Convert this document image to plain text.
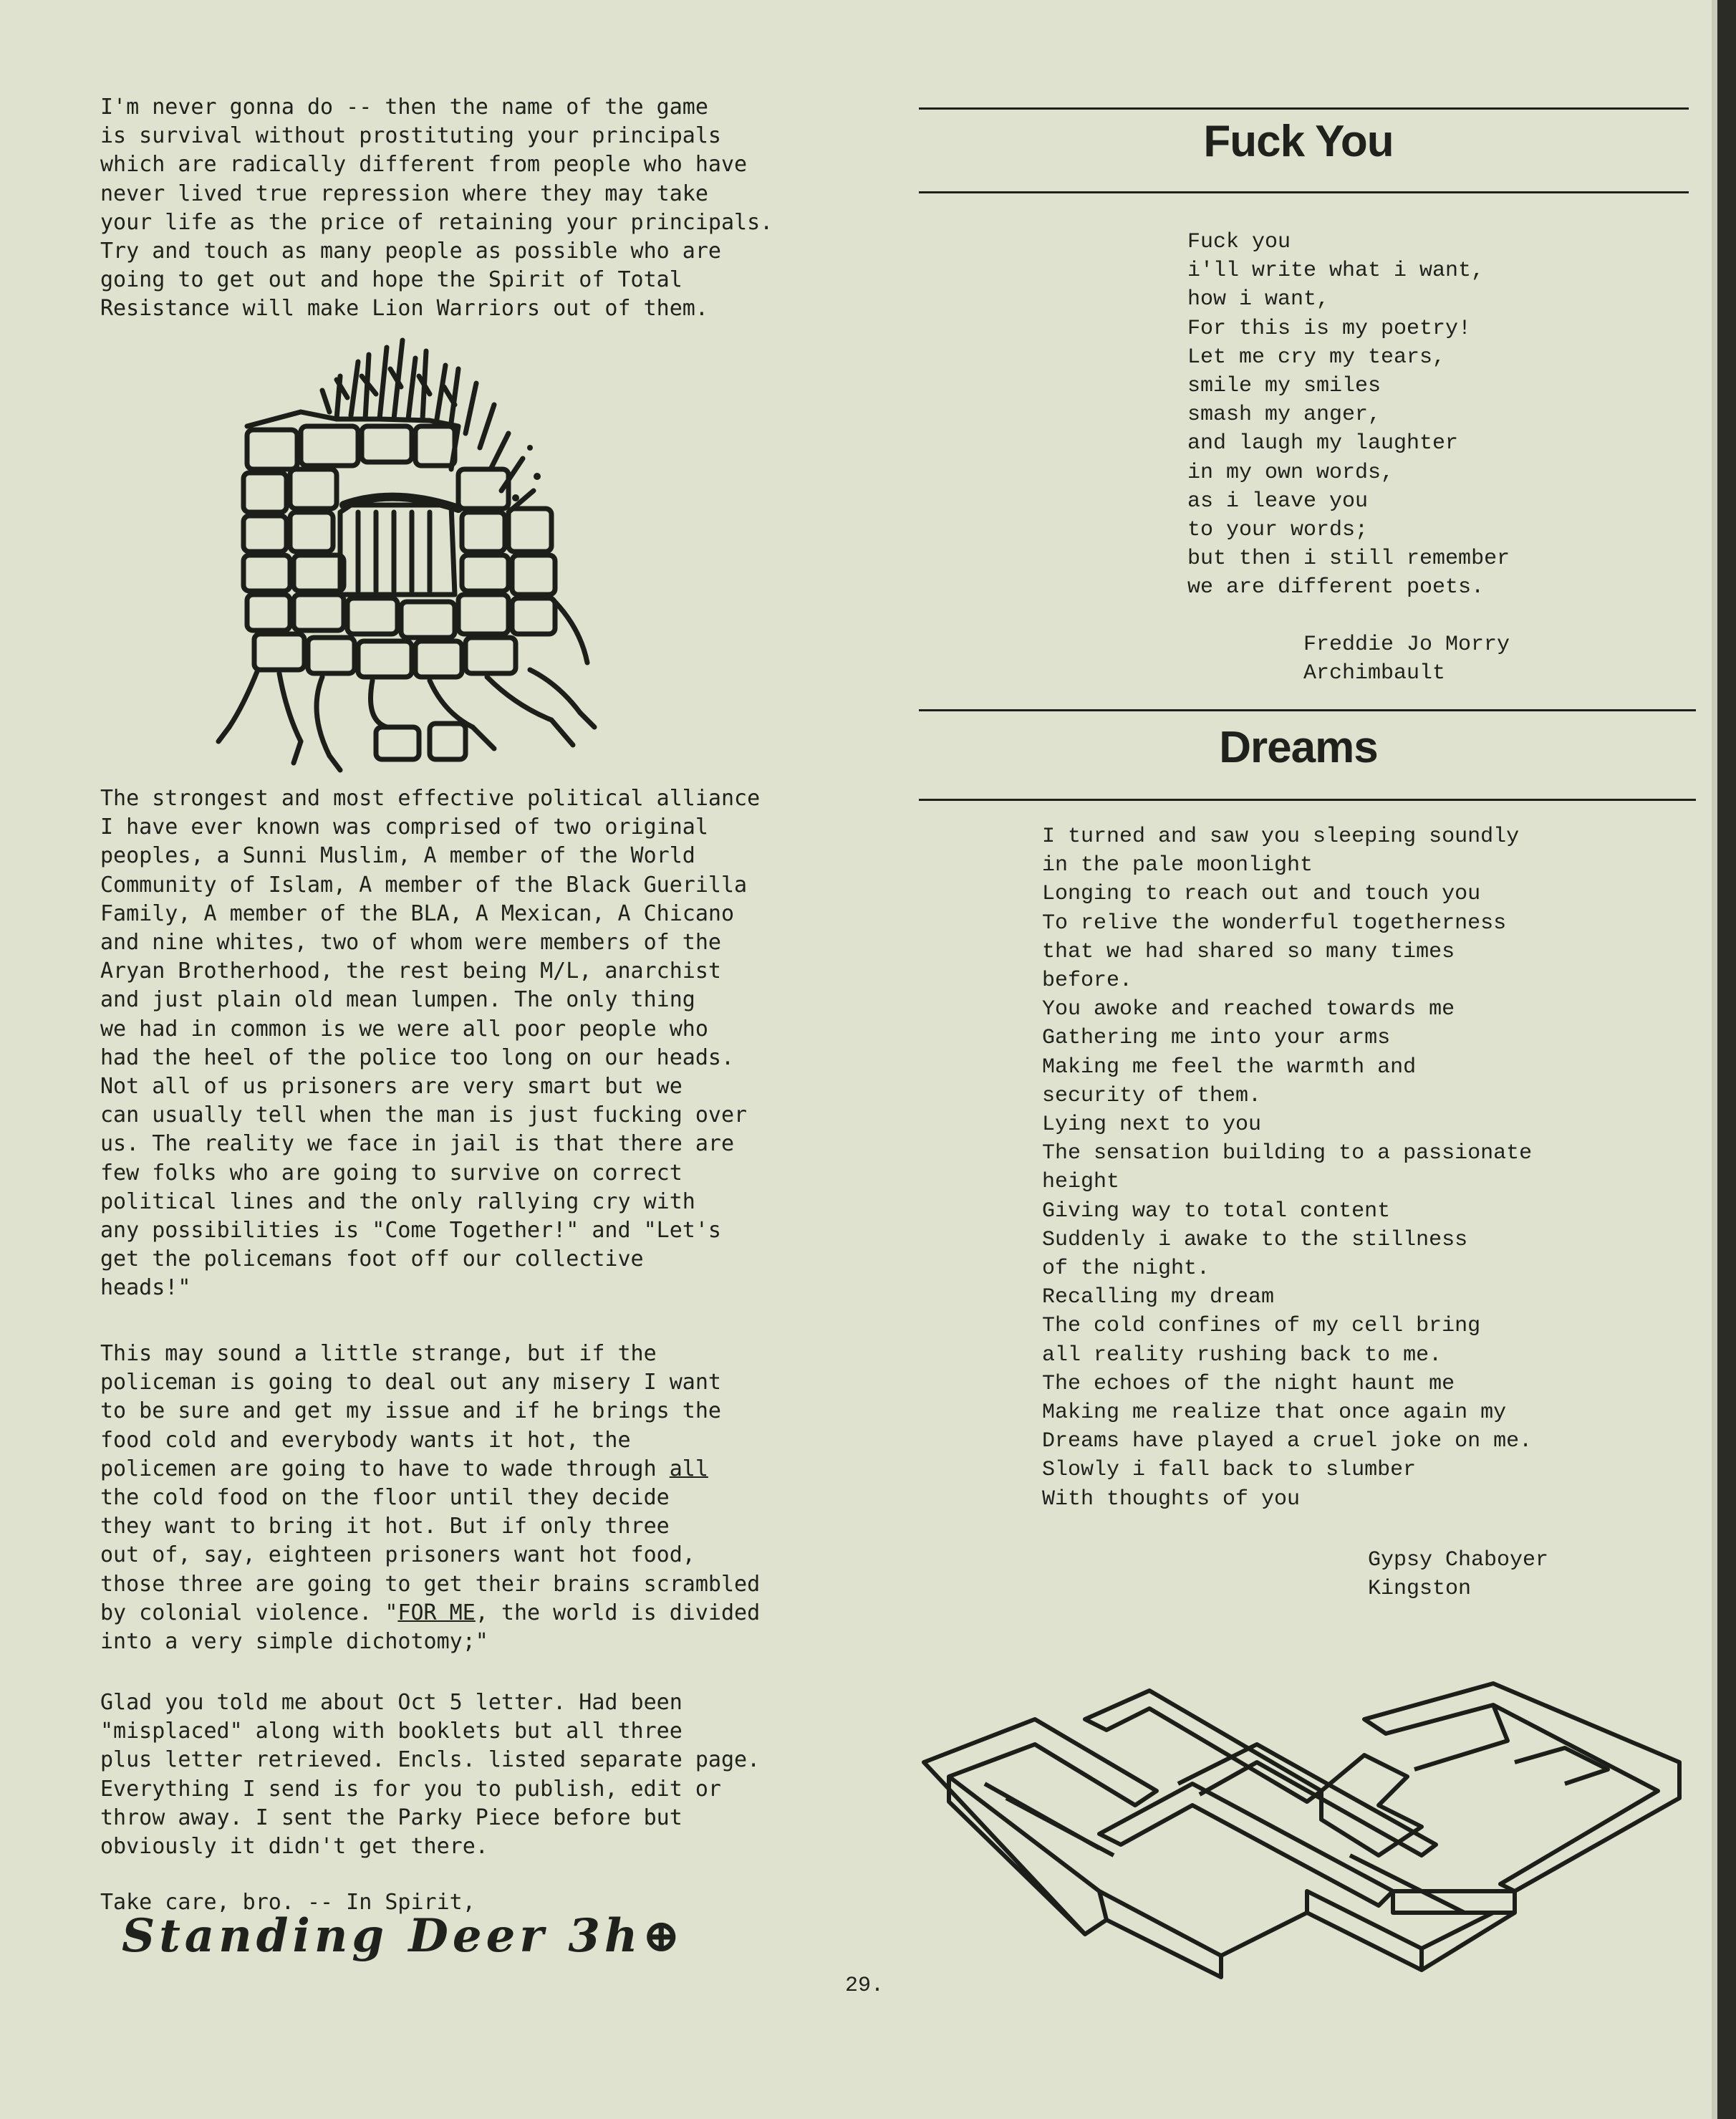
I'm never gonna do -- then the name of the game
is survival without prostituting your principals
which are radically different from people who have
never lived true repression where they may take
your life as the price of retaining your principals.
Try and touch as many people as possible who are
going to get out and hope the Spirit of Total
Resistance will make Lion Warriors out of them.
The strongest and most effective political alliance
I have ever known was comprised of two original
peoples, a Sunni Muslim, A member of the World
Community of Islam, A member of the Black Guerilla
Family, A member of the BLA, A Mexican, A Chicano
and nine whites, two of whom were members of the
Aryan Brotherhood, the rest being M/L, anarchist
and just plain old mean lumpen. The only thing
we had in common is we were all poor people who
had the heel of the police too long on our heads.
Not all of us prisoners are very smart but we
can usually tell when the man is just fucking over
us. The reality we face in jail is that there are
few folks who are going to survive on correct
political lines and the only rallying cry with
any possibilities is "Come Together!" and "Let's
get the policemans foot off our collective
heads!"
This may sound a little strange, but if the
policeman is going to deal out any misery I want
to be sure and get my issue and if he brings the
food cold and everybody wants it hot, the
policemen are going to have to wade through all
the cold food on the floor until they decide
they want to bring it hot. But if only three
out of, say, eighteen prisoners want hot food,
those three are going to get their brains scrambled
by colonial violence. "FOR ME, the world is divided
into a very simple dichotomy;"
Glad you told me about Oct 5 letter. Had been
"misplaced" along with booklets but all three
plus letter retrieved. Encls. listed separate page.
Everything I send is for you to publish, edit or
throw away. I sent the Parky Piece before but
obviously it didn't get there.
Take care, bro. -- In Spirit,
Standing Deer 3h⊕
29.
Fuck You
Fuck you
i'll write what i want,
how i want,
For this is my poetry!
Let me cry my tears,
smile my smiles
smash my anger,
and laugh my laughter
in my own words,
as i leave you
to your words;
but then i still remember
we are different poets.
Freddie Jo Morry
Archimbault
Dreams
I turned and saw you sleeping soundly
in the pale moonlight
Longing to reach out and touch you
To relive the wonderful togetherness
that we had shared so many times
before.
You awoke and reached towards me
Gathering me into your arms
Making me feel the warmth and
security of them.
Lying next to you
The sensation building to a passionate
height
Giving way to total content
Suddenly i awake to the stillness
of the night.
Recalling my dream
The cold confines of my cell bring
all reality rushing back to me.
The echoes of the night haunt me
Making me realize that once again my
Dreams have played a cruel joke on me.
Slowly i fall back to slumber
With thoughts of you
Gypsy Chaboyer
Kingston
